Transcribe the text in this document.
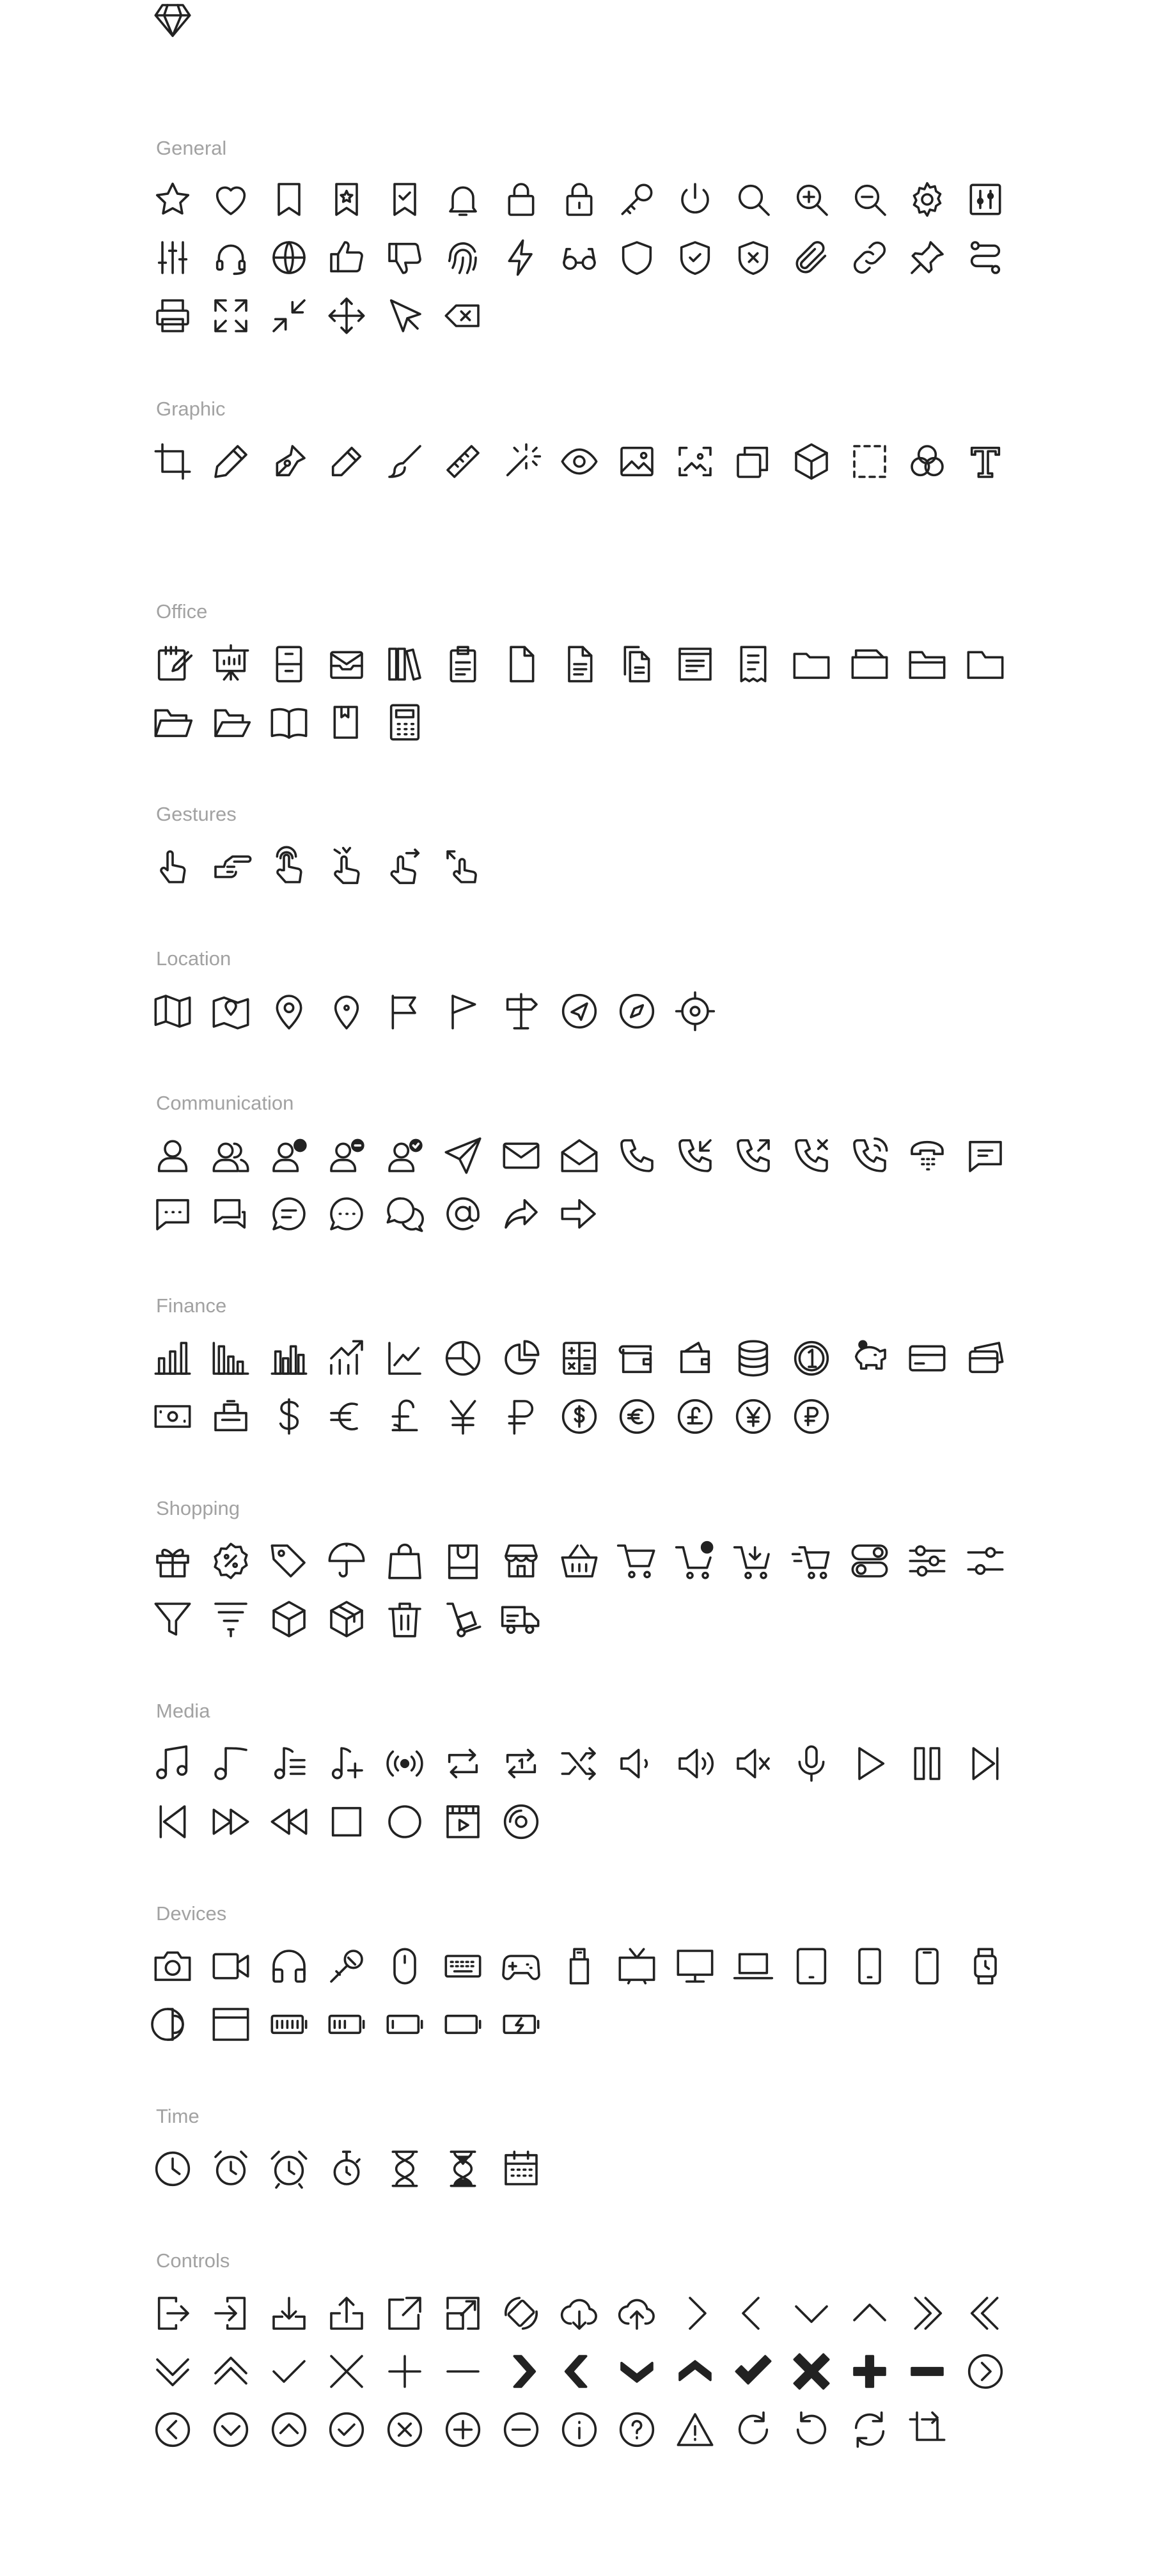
General
Graphic
Office
Gestures
Location
Communication
Finance
Shopping
Media
Devices
Time
Controls
